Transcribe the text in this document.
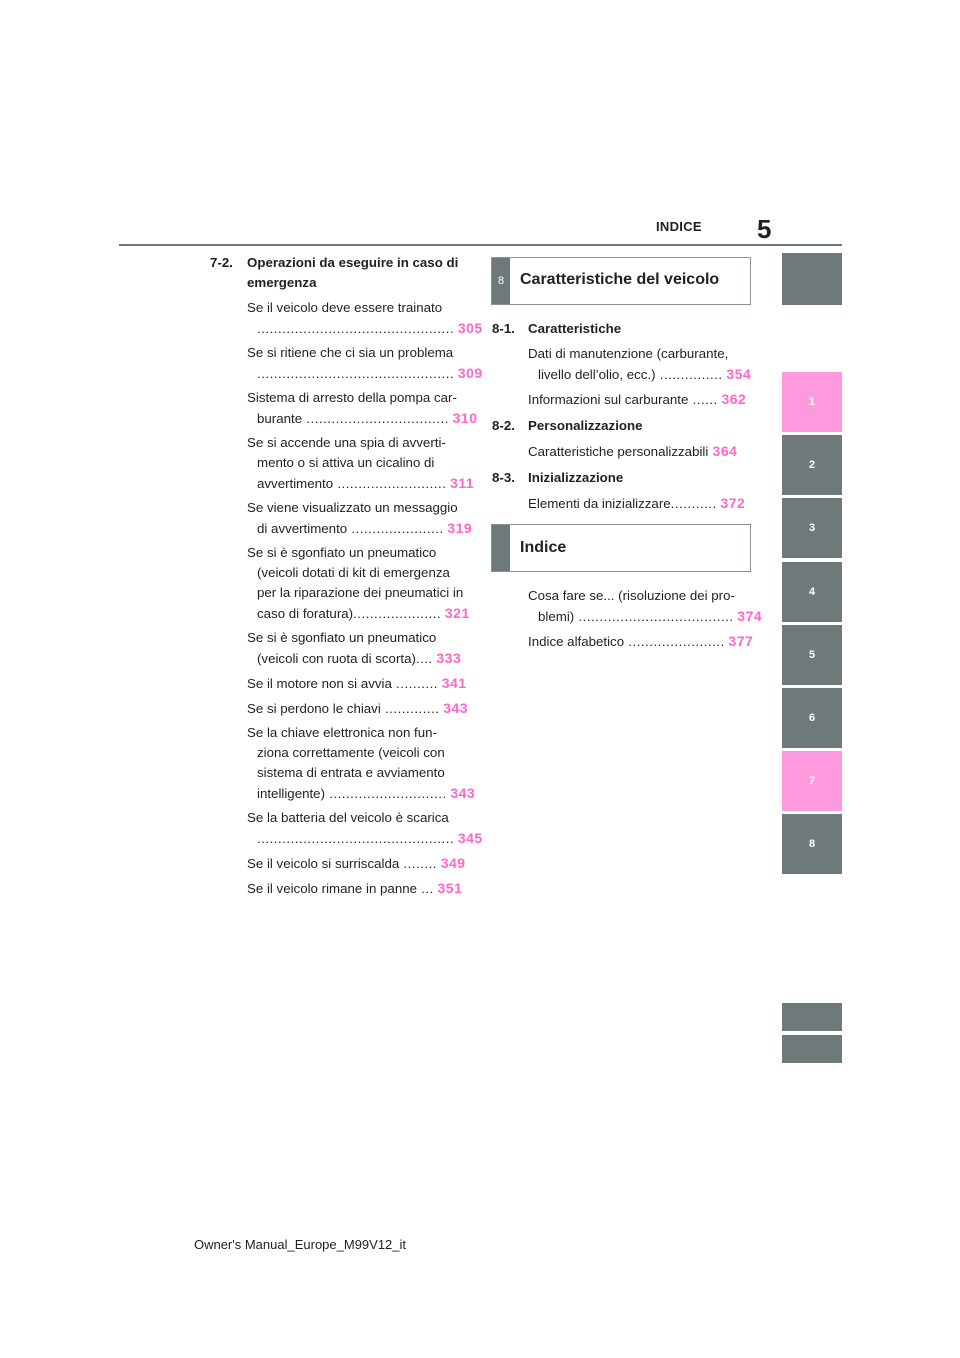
5
INDICE
1
2
3
4
5
6
7
8
7-2. Operazioni da eseguire in caso di
emergenza
Se il veicolo deve essere trainato
............................................... 305
Se si ritiene che ci sia un problema
............................................... 309
Sistema di arresto della pompa car-
burante .................................. 310
Se si accende una spia di avverti-
mento o si attiva un cicalino di
avvertimento .......................... 311
Se viene visualizzato un messaggio
di avvertimento ...................... 319
Se si è sgonfiato un pneumatico
(veicoli dotati di kit di emergenza
per la riparazione dei pneumatici in
caso di foratura)..................... 321
Se si è sgonfiato un pneumatico
(veicoli con ruota di scorta).... 333
Se il motore non si avvia .......... 341
Se si perdono le chiavi ............. 343
Se la chiave elettronica non fun-
ziona correttamente (veicoli con
sistema di entrata e avviamento
intelligente) ............................ 343
Se la batteria del veicolo è scarica
............................................... 345
Se il veicolo si surriscalda ........ 349
Se il veicolo rimane in panne ... 351
8 Caratteristiche del veicolo
8-1. Caratteristiche
Dati di manutenzione (carburante,
livello dell’olio, ecc.) ............... 354
Informazioni sul carburante ...... 362
8-2. Personalizzazione
Caratteristiche personalizzabili 364
8-3. Inizializzazione
Elementi da inizializzare........... 372
Indice
Cosa fare se... (risoluzione dei pro-
blemi) ..................................... 374
Indice alfabetico ....................... 377
Owner's Manual_Europe_M99V12_it
